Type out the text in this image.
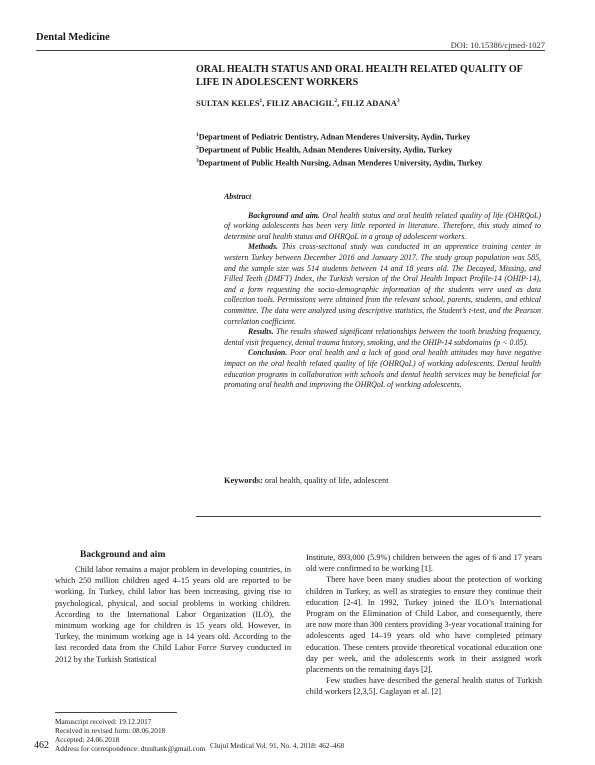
Dental Medicine
DOI: 10.15386/cjmed-1027
ORAL HEALTH STATUS AND ORAL HEALTH RELATED QUALITY OF LIFE IN ADOLESCENT WORKERS
SULTAN KELES$^1$, FILIZ ABACIGIL$^2$, FILIZ ADANA$^3$
$^1$Department of Pediatric Dentistry, Adnan Menderes University, Aydin, Turkey
$^2$Department of Public Health, Adnan Menderes University, Aydin, Turkey
$^3$Department of Public Health Nursing, Adnan Menderes University, Aydin, Turkey
Abstract

Background and aim. Oral health status and oral health related quality of life (OHRQoL) of working adolescents has been very little reported in literature. Therefore, this study aimed to determine oral health status and OHRQoL in a group of adolescent workers.

Methods. This cross-sectional study was conducted in an apprentice training center in western Turkey between December 2016 and January 2017. The study group population was 585, and the sample size was 514 students between 14 and 18 years old. The Decayed, Missing, and Filled Teeth (DMFT) Index, the Turkish version of the Oral Health Impact Profile-14 (OHIP-14), and a form requesting the socio-demographic information of the students were used as data collection tools. Permissions were obtained from the relevant school, parents, students, and ethical committee. The data were analyzed using descriptive statistics, the Student’s t-test, and the Pearson correlation coefficient.

Results. The results showed significant relationships between the tooth brushing frequency, dental visit frequency, dental trauma history, smoking, and the OHIP-14 subdomains (p < 0.05).

Conclusion. Poor oral health and a lack of good oral health attitudes may have negative impact on the oral health related quality of life (OHRQoL) of working adolescents. Dental health education programs in collaboration with schools and dental health services may be beneficial for promoting oral health and improving the OHRQoL of working adolescents.

Keywords: oral health, quality of life, adolescent
Background and aim

Child labor remains a major problem in developing countries, in which 250 million children aged 4–15 years old are reported to be working. In Turkey, child labor has been increasing, giving rise to psychological, physical, and social problems in working children. According to the International Labor Organization (ILO), the minimum working age for children is 15 years old. However, in Turkey, the minimum working age is 14 years old. According to the last recorded data from the Child Labor Force Survey conducted in 2012 by the Turkish Statistical

Institute, 893,000 (5.9%) children between the ages of 6 and 17 years old were confirmed to be working [1].

There have been many studies about the protection of working children in Turkey, as well as strategies to ensure they continue their education [2-4]. In 1992, Turkey joined the ILO’s International Program on the Elimination of Child Labor, and consequently, there are now more than 300 centers providing 3-year vocational training for adolescents aged 14–19 years old who have completed primary education. These centers provide theoretical vocational education one day per week, and the adolescents work in their assigned work placements on the remaining days [2].

Few studies have described the general health status of Turkish child workers [2,3,5]. Caglayan et al. [2]

Manuscript received: 19.12.2017
Received in revised form: 08.06.2018
Accepted: 24.06.2018
Address for correspondence: dtsultank@gmail.com
462	Clujul Medical Vol. 91, No. 4, 2018: 462–468
